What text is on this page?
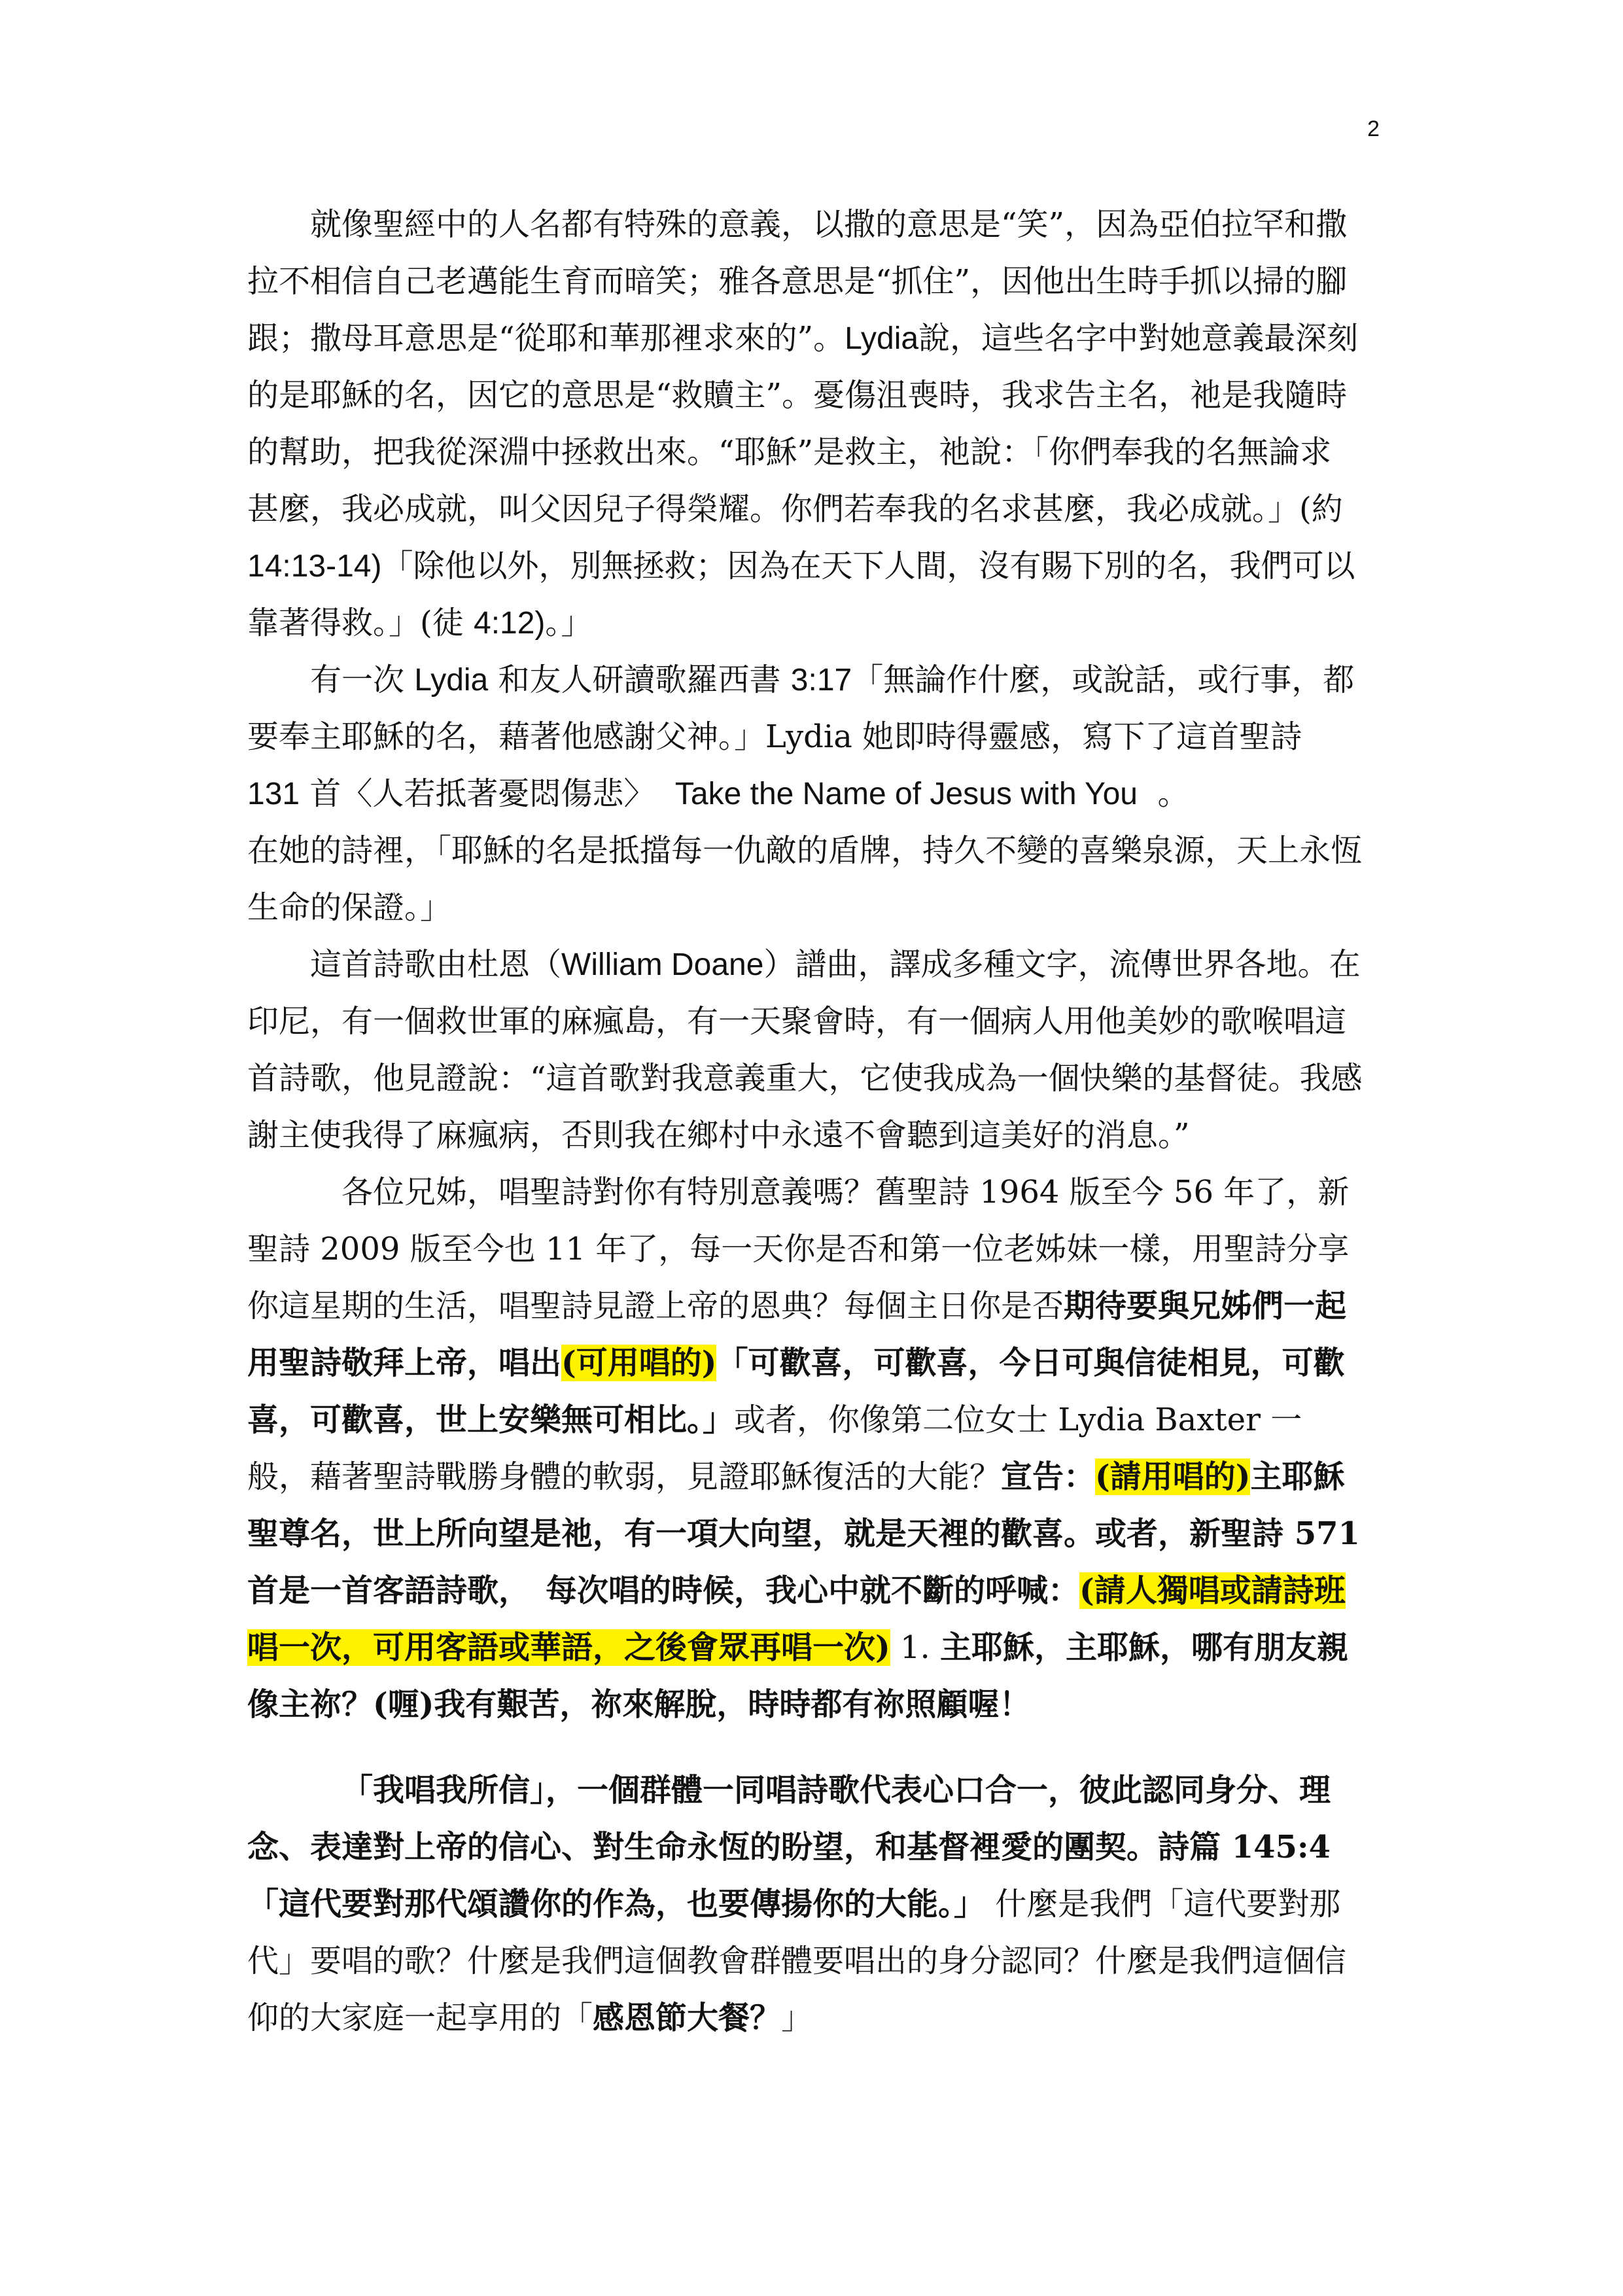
2

就像聖經中的人名都有特殊的意義，以撒的意思是“笑”，因為亞伯拉罕和撒拉不相信自己老邁能生育而暗笑；雅各意思是“抓住”，因他出生時手抓以掃的腳跟；撒母耳意思是“從耶和華那裡求來的”。Lydia說，這些名字中對她意義最深刻的是耶穌的名，因它的意思是“救贖主”。憂傷沮喪時，我求告主名，祂是我隨時的幫助，把我從深淵中拯救出來。“耶穌”是救主，祂說：「你們奉我的名無論求甚麼，我必成就，叫父因兒子得榮耀。你們若奉我的名求甚麼，我必成就。」(約 14:13-14)「除他以外，別無拯救；因為在天下人間，沒有賜下別的名，我們可以靠著得救。」(徒 4:12)。」

有一次 Lydia 和友人研讀歌羅西書 3:17「無論作什麼，或說話，或行事，都要奉主耶穌的名，藉著他感謝父神。」Lydia 她即時得靈感，寫下了這首聖詩 131 首〈人若抵著憂悶傷悲〉 Take the Name of Jesus with You 。

在她的詩裡，「耶穌的名是抵擋每一仇敵的盾牌，持久不變的喜樂泉源，天上永恆生命的保證。」

這首詩歌由杜恩（William Doane）譜曲，譯成多種文字，流傳世界各地。在印尼，有一個救世軍的麻瘋島，有一天聚會時，有一個病人用他美妙的歌喉唱這首詩歌，他見證說：“這首歌對我意義重大，它使我成為一個快樂的基督徒。我感謝主使我得了麻瘋病，否則我在鄉村中永遠不會聽到這美好的消息。”

各位兄姊，唱聖詩對你有特別意義嗎？舊聖詩 1964 版至今 56 年了，新聖詩 2009 版至今也 11 年了，每一天你是否和第一位老姊妹一樣，用聖詩分享你這星期的生活，唱聖詩見證上帝的恩典？每個主日你是否期待要與兄姊們一起用聖詩敬拜上帝，唱出(可用唱的)「可歡喜，可歡喜，今日可與信徒相見，可歡喜，可歡喜，世上安樂無可相比。」或者，你像第二位女士 Lydia Baxter 一般，藉著聖詩戰勝身體的軟弱，見證耶穌復活的大能？宣告：(請用唱的)主耶穌聖尊名，世上所向望是祂，有一項大向望，就是天裡的歡喜。或者，新聖詩 571 首是一首客語詩歌，　每次唱的時候，我心中就不斷的呼喊：(請人獨唱或請詩班唱一次，可用客語或華語，之後會眾再唱一次) 1. 主耶穌，主耶穌，哪有朋友親像主祢？(喱)我有艱苦，祢來解脫，時時都有祢照顧喔！

「我唱我所信」，一個群體一同唱詩歌代表心口合一，彼此認同身分、理念、表達對上帝的信心、對生命永恆的盼望，和基督裡愛的團契。詩篇 145:4「這代要對那代頌讚你的作為，也要傳揚你的大能。」 什麼是我們「這代要對那代」要唱的歌？什麼是我們這個教會群體要唱出的身分認同？什麼是我們這個信仰的大家庭一起享用的「感恩節大餐？」
